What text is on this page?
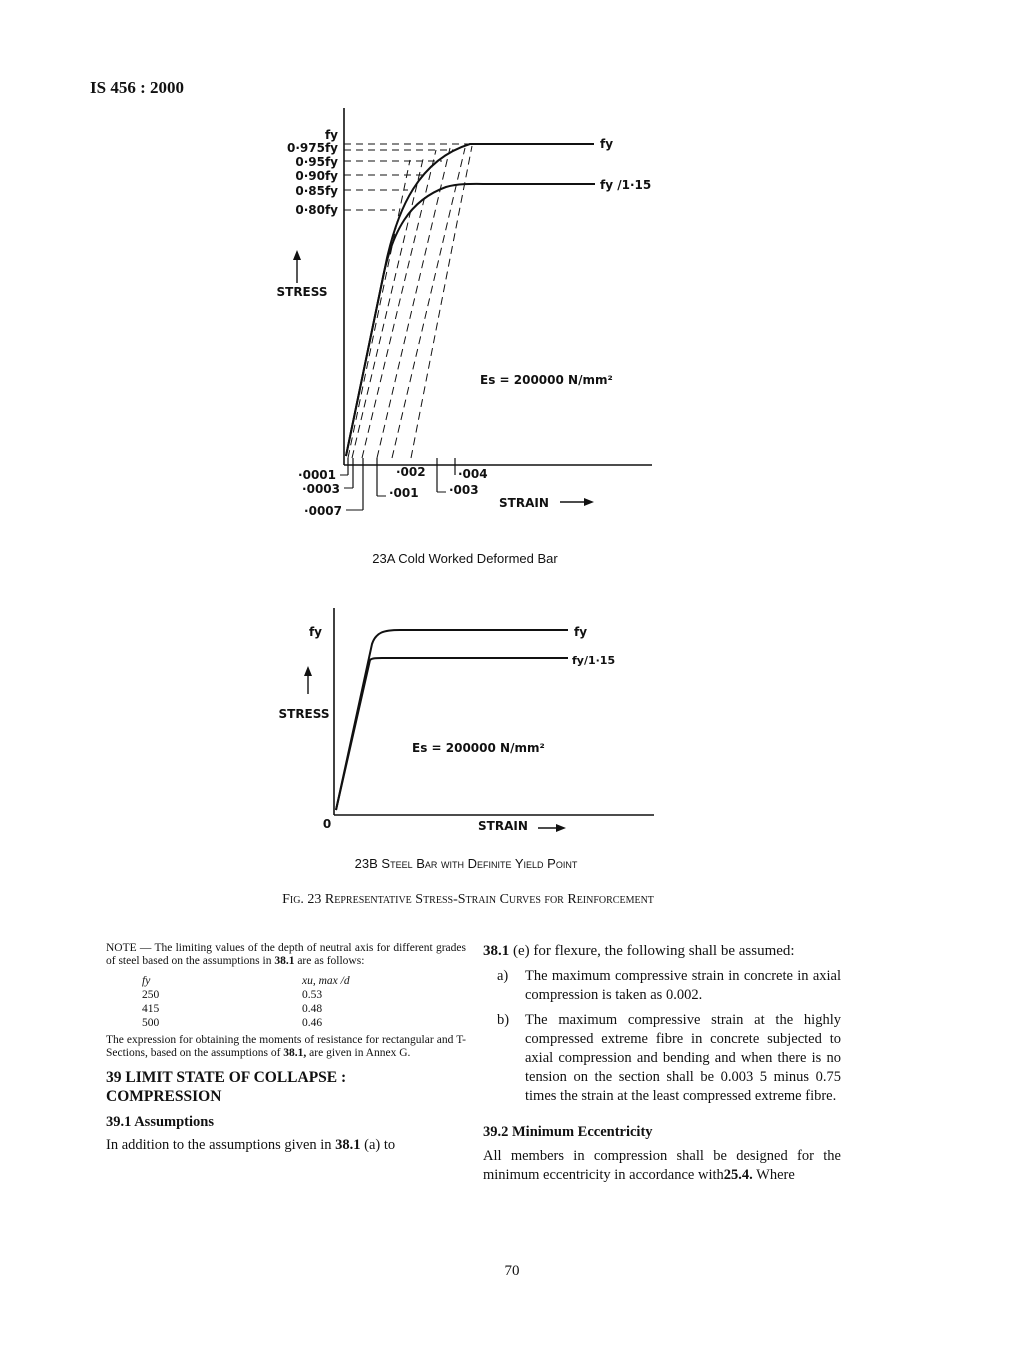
IS 456 : 2000
fy
0·975fy
0·95fy
0·90fy
0·85fy
0·80fy
STRESS
fy
fy /1·15
Es = 200000 N/mm²
·0001
·0003
·0007
·002
·001
·004
·003
STRAIN
23A Cold Worked Deformed Bar
fy
STRESS
fy
fy/1·15
Es = 200000 N/mm²
0	STRAIN
23B Steel Bar with Definite Yield Point
Fig. 23 Representative Stress-Strain Curves for Reinforcement
NOTE — The limiting values of the depth of neutral axis for different grades of steel based on the assumptions in 38.1 are as follows:
fy	xu, max /d
250	0.53
415	0.48
500	0.46
The expression for obtaining the moments of resistance for rectangular and T-Sections, based on the assumptions of 38.1, are given in Annex G.
39 LIMIT STATE OF COLLAPSE :
COMPRESSION
39.1 Assumptions
In addition to the assumptions given in 38.1 (a) to
38.1 (e) for flexure, the following shall be assumed:
a)	The maximum compressive strain in concrete in axial compression is taken as 0.002.
b)	The maximum compressive strain at the highly compressed extreme fibre in concrete subjected to axial compression and bending and when there is no tension on the section shall be 0.003 5 minus 0.75 times the strain at the least compressed extreme fibre.
39.2 Minimum Eccentricity
All members in compression shall be designed for the minimum eccentricity in accordance with25.4. Where
70
